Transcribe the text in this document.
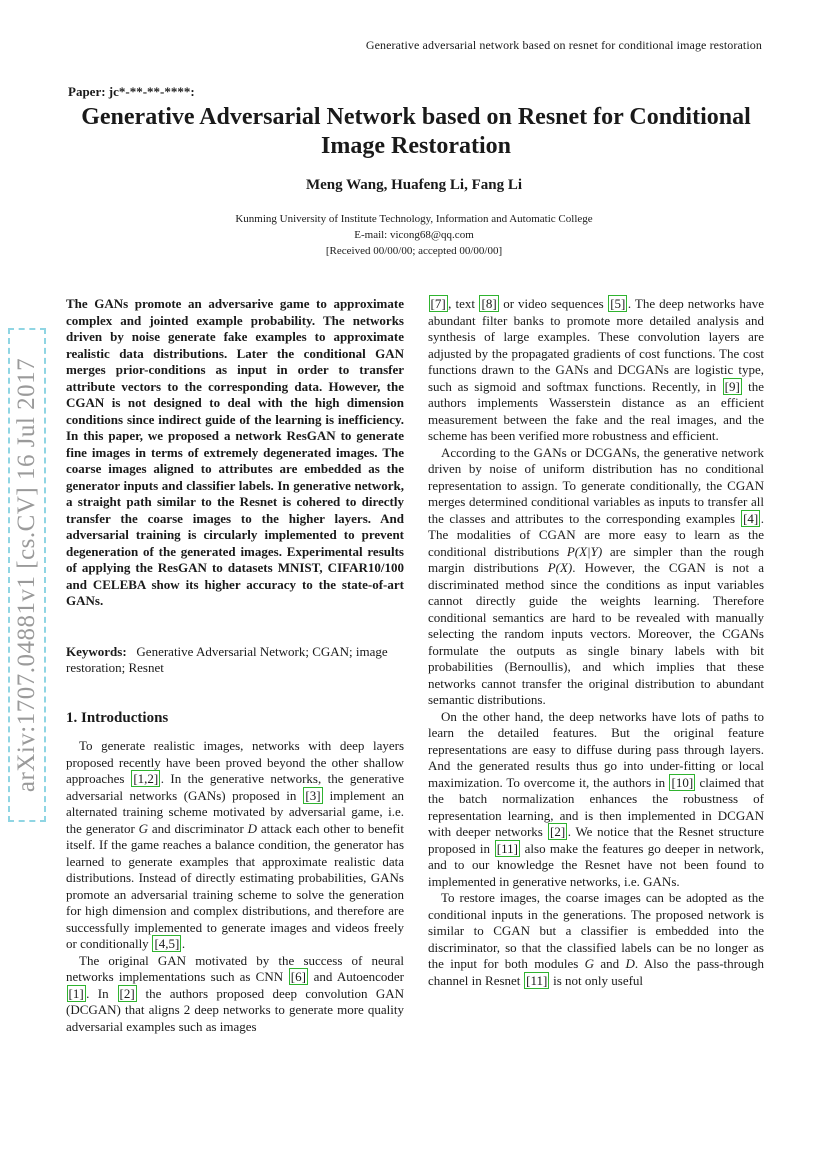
Generative adversarial network based on resnet for conditional image restoration
Paper: jc*-**-**-****:
Generative Adversarial Network based on Resnet for Conditional Image Restoration
Meng Wang, Huafeng Li, Fang Li
Kunming University of Institute Technology, Information and Automatic College
E-mail: vicong68@qq.com
[Received 00/00/00; accepted 00/00/00]
arXiv:1707.04881v1 [cs.CV] 16 Jul 2017

The GANs promote an adversarive game to approximate complex and jointed example probability. The networks driven by noise generate fake examples to approximate realistic data distributions. Later the conditional GAN merges prior-conditions as input in order to transfer attribute vectors to the corresponding data. However, the CGAN is not designed to deal with the high dimension conditions since indirect guide of the learning is inefficiency. In this paper, we proposed a network ResGAN to generate fine images in terms of extremely degenerated images. The coarse images aligned to attributes are embedded as the generator inputs and classifier labels. In generative network, a straight path similar to the Resnet is cohered to directly transfer the coarse images to the higher layers. And adversarial training is circularly implemented to prevent degeneration of the generated images. Experimental results of applying the ResGAN to datasets MNIST, CIFAR10/100 and CELEBA show its higher accuracy to the state-of-art GANs.

Keywords: Generative Adversarial Network; CGAN; image restoration; Resnet

1. Introductions

To generate realistic images, networks with deep layers proposed recently have been proved beyond the other shallow approaches [1,2] . In the generative networks, the generative adversarial networks (GANs) proposed in [3] implement an alternated training scheme motivated by adversarial game, i.e. the generator G and discriminator D attack each other to benefit itself. If the game reaches a balance condition, the generator has learned to generate examples that approximate realistic data distributions. Instead of directly estimating probabilities, GANs promote an adversarial training scheme to solve the generation for high dimension and complex distributions, and therefore are successfully implemented to generate images and videos freely or conditionally [4,5] .

The original GAN motivated by the success of neural networks implementations such as CNN [6] and Autoencoder [1] . In [2] the authors proposed deep convolution GAN (DCGAN) that aligns 2 deep networks to generate more quality adversarial examples such as images

[7] , text [8] or video sequences [5] . The deep networks have abundant filter banks to promote more detailed analysis and synthesis of large examples. These convolution layers are adjusted by the propagated gradients of cost functions. The cost functions drawn to the GANs and DCGANs are logistic type, such as sigmoid and softmax functions. Recently, in [9] the authors implements Wasserstein distance as an efficient measurement between the fake and the real images, and the scheme has been verified more robustness and efficient.

According to the GANs or DCGANs, the generative network driven by noise of uniform distribution has no conditional representation to assign. To generate conditionally, the CGAN merges determined conditional variables as inputs to transfer all the classes and attributes to the corresponding examples [4] . The modalities of CGAN are more easy to learn as the conditional distributions P(X|Y) are simpler than the rough margin distributions P(X). However, the CGAN is not a discriminated method since the conditions as input variables cannot directly guide the weights learning. Therefore conditional semantics are hard to be revealed with manually selecting the random inputs vectors. Moreover, the CGANs formulate the outputs as single binary labels with bit probabilities (Bernoullis), and which implies that these networks cannot transfer the original distribution to abundant semantic distributions.

On the other hand, the deep networks have lots of paths to learn the detailed features. But the original feature representations are easy to diffuse during pass through layers. And the generated results thus go into under-fitting or local maximization. To overcome it, the authors in [10] claimed that the batch normalization enhances the robustness of representation learning, and is then implemented in DCGAN with deeper networks [2] . We notice that the Resnet structure proposed in [11] also make the features go deeper in network, and to our knowledge the Resnet have not been found to implemented in generative networks, i.e. GANs.

To restore images, the coarse images can be adopted as the conditional inputs in the generations. The proposed network is similar to CGAN but a classifier is embedded into the discriminator, so that the classified labels can be no longer as the input for both modules G and D. Also the pass-through channel in Resnet [11] is not only useful
